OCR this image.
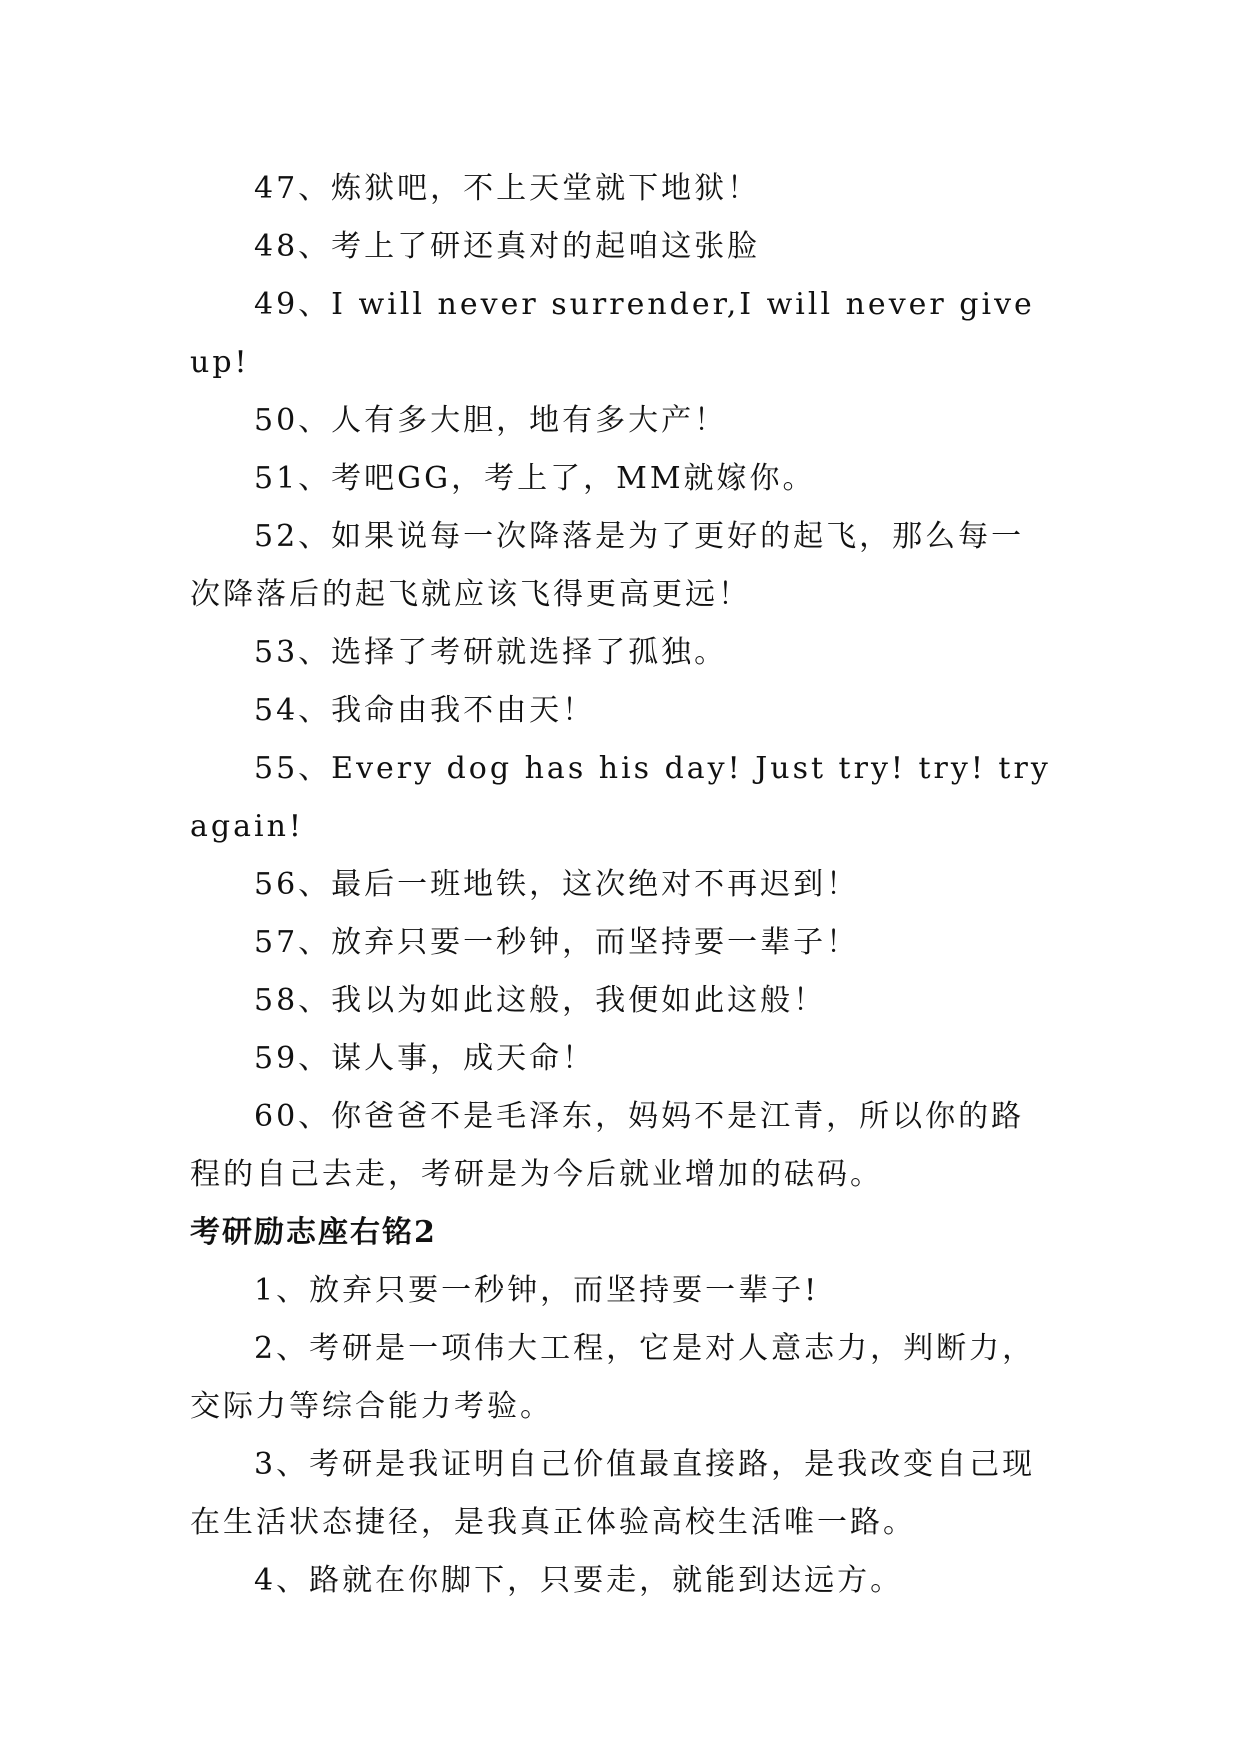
47、炼狱吧，不上天堂就下地狱！

48、考上了研还真对的起咱这张脸

49、I will never surrender,I will never give up!

50、人有多大胆，地有多大产！

51、考吧GG，考上了，MM就嫁你。

52、如果说每一次降落是为了更好的起飞，那么每一次降落后的起飞就应该飞得更高更远！

53、选择了考研就选择了孤独。

54、我命由我不由天！

55、Every dog has his day! Just try! try! try again!

56、最后一班地铁，这次绝对不再迟到！

57、放弃只要一秒钟，而坚持要一辈子！

58、我以为如此这般，我便如此这般！

59、谋人事，成天命！

60、你爸爸不是毛泽东，妈妈不是江青，所以你的路程的自己去走，考研是为今后就业增加的砝码。

考研励志座右铭2

1、放弃只要一秒钟，而坚持要一辈子!

2、考研是一项伟大工程，它是对人意志力，判断力，交际力等综合能力考验。

3、考研是我证明自己价值最直接路，是我改变自己现在生活状态捷径，是我真正体验高校生活唯一路。

4、路就在你脚下，只要走，就能到达远方。
